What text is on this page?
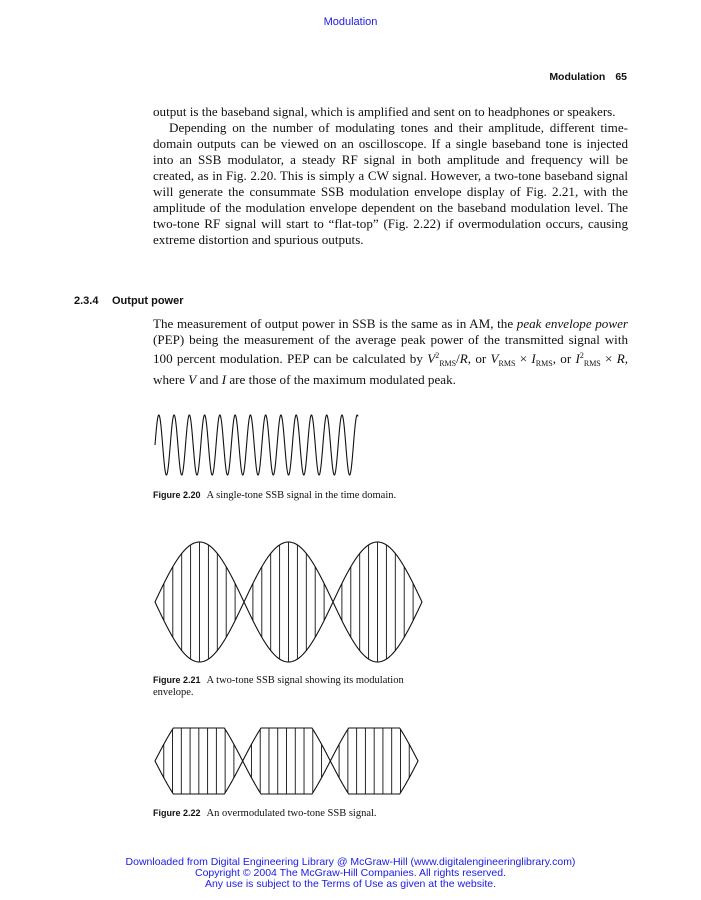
Modulation
Modulation 65

output is the baseband signal, which is amplified and sent on to headphones or speakers.

Depending on the number of modulating tones and their amplitude, different time-domain outputs can be viewed on an oscilloscope. If a single baseband tone is injected into an SSB modulator, a steady RF signal in both amplitude and frequency will be created, as in Fig. 2.20. This is simply a CW signal. However, a two-tone baseband signal will generate the consummate SSB modulation envelope display of Fig. 2.21, with the amplitude of the modulation envelope dependent on the baseband modulation level. The two-tone RF signal will start to “flat-top” (Fig. 2.22) if overmodulation occurs, causing extreme distortion and spurious outputs.

2.3.4 Output power

The measurement of output power in SSB is the same as in AM, the peak envelope power (PEP) being the measurement of the average peak power of the transmitted signal with 100 percent modulation. PEP can be calculated by $V^2_{RMS}/R$, or $V_{RMS} \times I_{RMS}$, or $I^2_{RMS} \times R$, where V and I are those of the maximum modulated peak.

Figure 2.20 A single-tone SSB signal in the time domain.
Figure 2.21 A two-tone SSB signal showing its modulation envelope.
Figure 2.22 An overmodulated two-tone SSB signal.
Downloaded from Digital Engineering Library @ McGraw-Hill (www.digitalengineeringlibrary.com)
Copyright © 2004 The McGraw-Hill Companies. All rights reserved.
Any use is subject to the Terms of Use as given at the website.
